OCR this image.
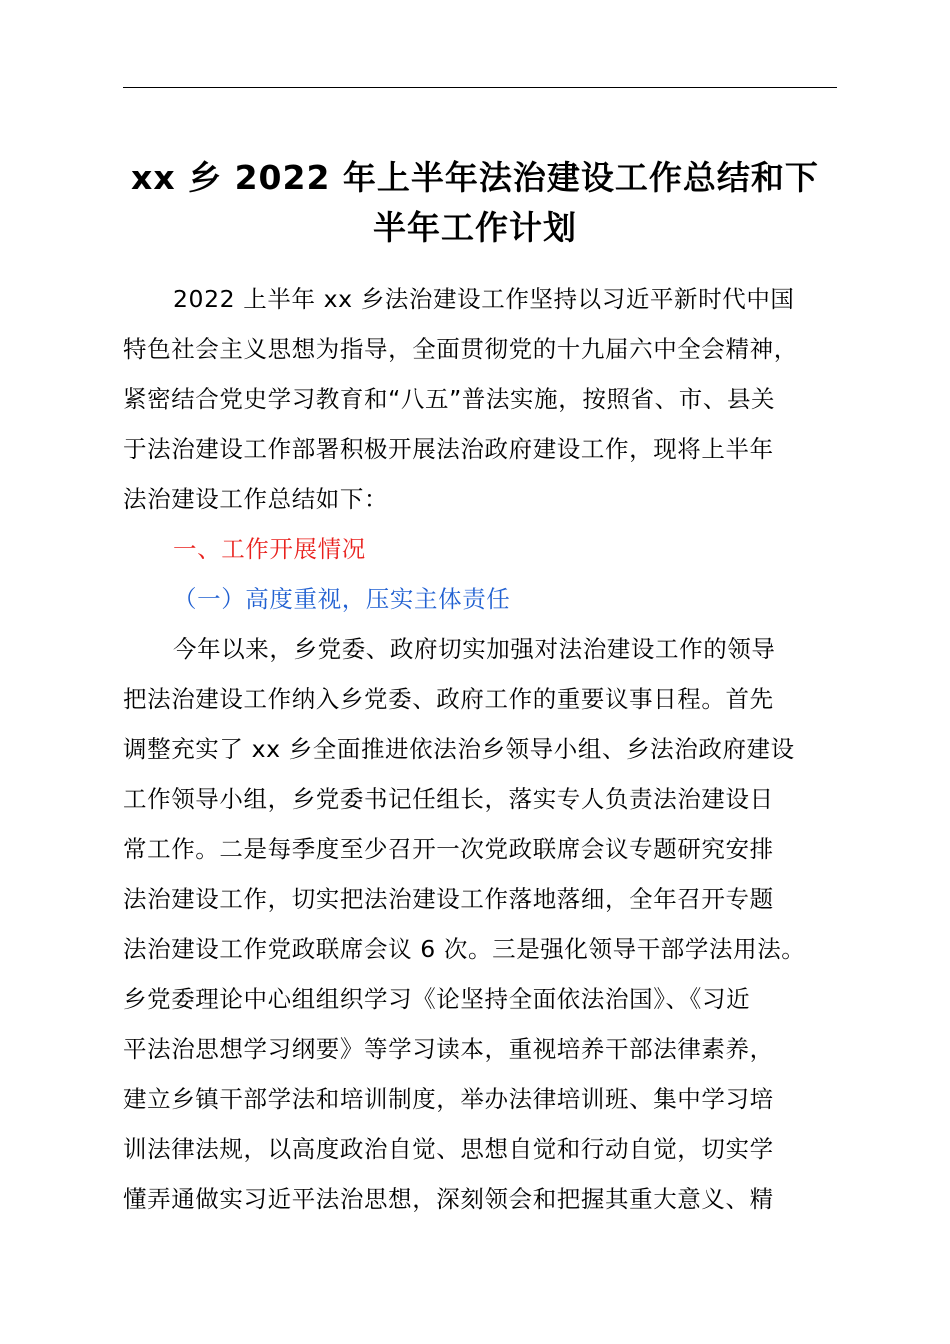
xx 乡 2022 年上半年法治建设工作总结和下
半年工作计划
2022 上半年 xx 乡法治建设工作坚持以习近平新时代中国
特色社会主义思想为指导，全面贯彻党的十九届六中全会精神，
紧密结合党史学习教育和“八五”普法实施，按照省、市、县关
于法治建设工作部署积极开展法治政府建设工作，现将上半年
法治建设工作总结如下：
一、工作开展情况
（一）高度重视，压实主体责任
今年以来，乡党委、政府切实加强对法治建设工作的领导
把法治建设工作纳入乡党委、政府工作的重要议事日程。首先
调整充实了 xx 乡全面推进依法治乡领导小组、乡法治政府建设
工作领导小组，乡党委书记任组长，落实专人负责法治建设日
常工作。二是每季度至少召开一次党政联席会议专题研究安排
法治建设工作，切实把法治建设工作落地落细，全年召开专题
法治建设工作党政联席会议 6 次。三是强化领导干部学法用法。
乡党委理论中心组组织学习《论坚持全面依法治国》、《习近
平法治思想学习纲要》等学习读本，重视培养干部法律素养，
建立乡镇干部学法和培训制度，举办法律培训班、集中学习培
训法律法规，以高度政治自觉、思想自觉和行动自觉，切实学
懂弄通做实习近平法治思想，深刻领会和把握其重大意义、精
